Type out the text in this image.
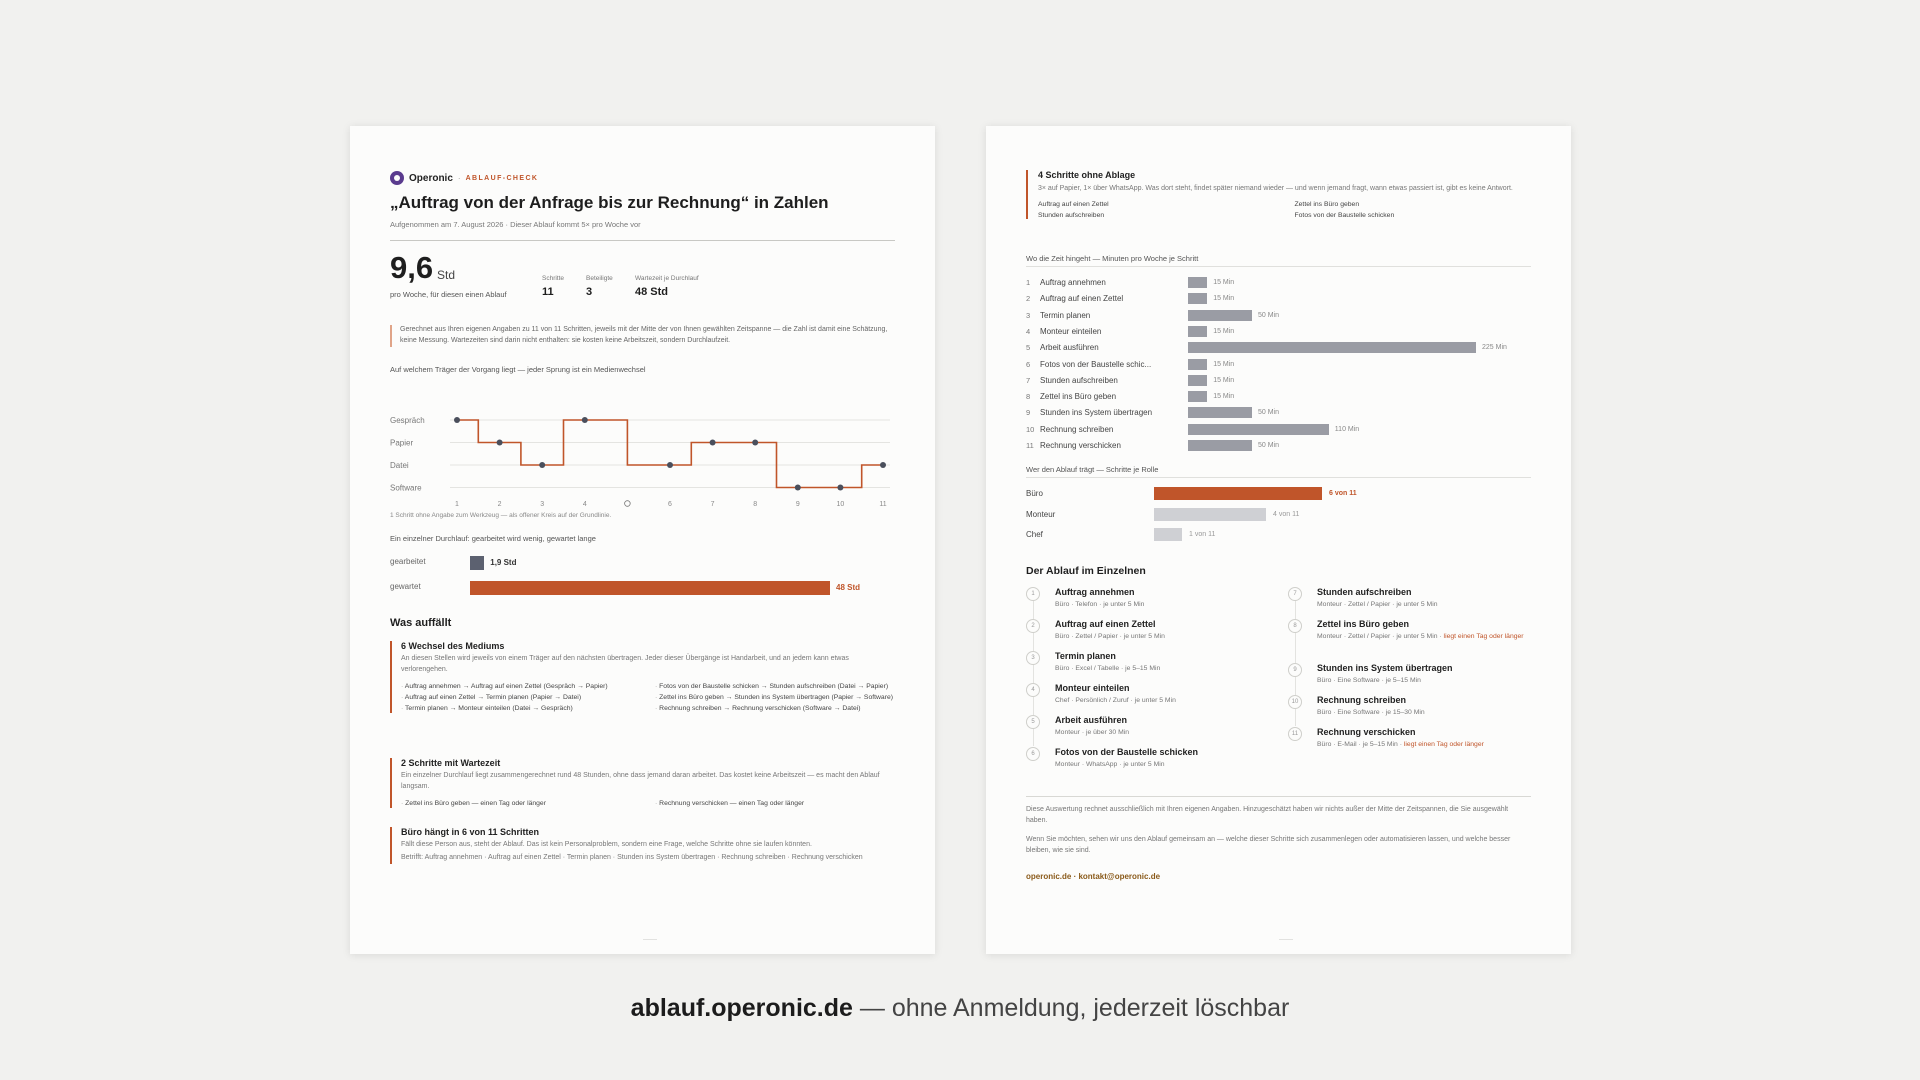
Operonic · ABLAUF-CHECK
„Auftrag von der Anfrage bis zur Rechnung“ in Zahlen
Aufgenommen am 7. August 2026 · Dieser Ablauf kommt 5× pro Woche vor
9,6 Std
pro Woche, für diesen einen Ablauf
Schritte
11
Beteiligte
3
Wartezeit je Durchlauf
48 Std
Gerechnet aus Ihren eigenen Angaben zu 11 von 11 Schritten, jeweils mit der Mitte der von Ihnen gewählten Zeitspanne — die Zahl ist damit eine Schätzung, keine Messung. Wartezeiten sind darin nicht enthalten: sie kosten keine Arbeitszeit, sondern Durchlaufzeit.
Auf welchem Träger der Vorgang liegt — jeder Sprung ist ein Medienwechsel
Gespräch
Papier
Datei
Software
1	2	3	4	6	7	8	9	10	11
1 Schritt ohne Angabe zum Werkzeug — als offener Kreis auf der Grundlinie.
Ein einzelner Durchlauf: gearbeitet wird wenig, gewartet lange
gearbeitet	1,9 Std
gewartet	48 Std
Was auffällt
6 Wechsel des Mediums
An diesen Stellen wird jeweils von einem Träger auf den nächsten übertragen. Jeder dieser Übergänge ist Handarbeit, und an jedem kann etwas verlorengehen.
· Auftrag annehmen → Auftrag auf einen Zettel (Gespräch → Papier)	· Fotos von der Baustelle schicken → Stunden aufschreiben (Datei → Papier)
· Auftrag auf einen Zettel → Termin planen (Papier → Datei)	· Zettel ins Büro geben → Stunden ins System übertragen (Papier → Software)
· Termin planen → Monteur einteilen (Datei → Gespräch)	· Rechnung schreiben → Rechnung verschicken (Software → Datei)
2 Schritte mit Wartezeit
Ein einzelner Durchlauf liegt zusammengerechnet rund 48 Stunden, ohne dass jemand daran arbeitet. Das kostet keine Arbeitszeit — es macht den Ablauf langsam.
· Zettel ins Büro geben — einen Tag oder länger	· Rechnung verschicken — einen Tag oder länger
Büro hängt in 6 von 11 Schritten
Fällt diese Person aus, steht der Ablauf. Das ist kein Personalproblem, sondern eine Frage, welche Schritte ohne sie laufen könnten.
Betrifft: Auftrag annehmen · Auftrag auf einen Zettel · Termin planen · Stunden ins System übertragen · Rechnung schreiben · Rechnung verschicken
4 Schritte ohne Ablage
3× auf Papier, 1× über WhatsApp. Was dort steht, findet später niemand wieder — und wenn jemand fragt, wann etwas passiert ist, gibt es keine Antwort.
Auftrag auf einen Zettel	Zettel ins Büro geben
Stunden aufschreiben	Fotos von der Baustelle schicken
Wo die Zeit hingeht — Minuten pro Woche je Schritt
1 Auftrag annehmen	15 Min
2 Auftrag auf einen Zettel	15 Min
3 Termin planen	50 Min
4 Monteur einteilen	15 Min
5 Arbeit ausführen	225 Min
6 Fotos von der Baustelle schic...	15 Min
7 Stunden aufschreiben	15 Min
8 Zettel ins Büro geben	15 Min
9 Stunden ins System übertragen	50 Min
10 Rechnung schreiben	110 Min
11 Rechnung verschicken	50 Min
Wer den Ablauf trägt — Schritte je Rolle
Büro	6 von 11
Monteur	4 von 11
Chef	1 von 11
Der Ablauf im Einzelnen
1	Auftrag annehmen
Büro · Telefon · je unter 5 Min
2	Auftrag auf einen Zettel
Büro · Zettel / Papier · je unter 5 Min
3	Termin planen
Büro · Excel / Tabelle · je 5–15 Min
4	Monteur einteilen
Chef · Persönlich / Zuruf · je unter 5 Min
5	Arbeit ausführen
Monteur · je über 30 Min
6	Fotos von der Baustelle schicken
Monteur · WhatsApp · je unter 5 Min
7	Stunden aufschreiben
Monteur · Zettel / Papier · je unter 5 Min
8	Zettel ins Büro geben
Monteur · Zettel / Papier · je unter 5 Min · liegt einen Tag oder länger
9	Stunden ins System übertragen
Büro · Eine Software · je 5–15 Min
10	Rechnung schreiben
Büro · Eine Software · je 15–30 Min
11	Rechnung verschicken
Büro · E-Mail · je 5–15 Min · liegt einen Tag oder länger
Diese Auswertung rechnet ausschließlich mit Ihren eigenen Angaben. Hinzugeschätzt haben wir nichts außer der Mitte der Zeitspannen, die Sie ausgewählt haben.
Wenn Sie möchten, sehen wir uns den Ablauf gemeinsam an — welche dieser Schritte sich zusammenlegen oder automatisieren lassen, und welche besser bleiben, wie sie sind.
operonic.de · kontakt@operonic.de
ablauf.operonic.de — ohne Anmeldung, jederzeit löschbar
